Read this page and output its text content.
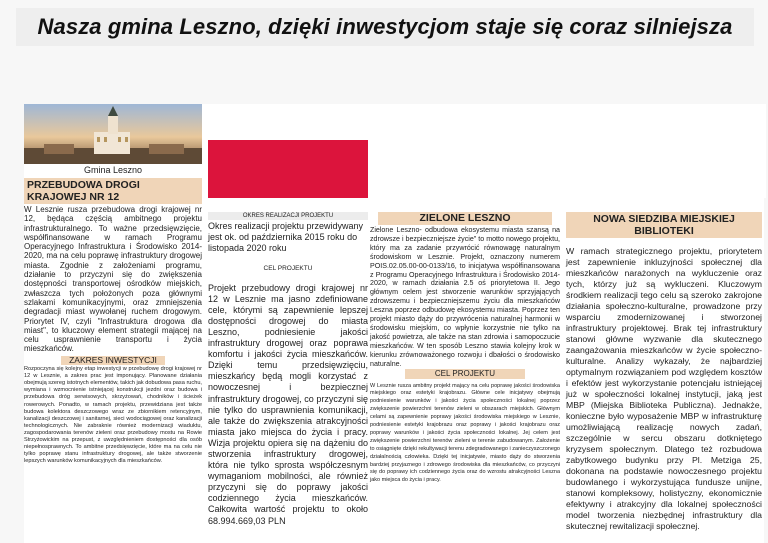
Nasza gmina Leszno, dzięki inwestycjom staje się coraz silniejsza
Gmina Leszno
PRZEBUDOWA DROGI KRAJOWEJ NR 12

W Lesznie rusza przebudowa drogi krajowej nr 12, będąca częścią ambitnego projektu infrastrukturalnego. To ważne przedsięwzięcie, współfinansowane w ramach Programu Operacyjnego Infrastruktura i Środowisko 2014-2020, ma na celu poprawę infrastruktury drogowej miasta. Zgodnie z założeniami programu, działanie to przyczyni się do zwiększenia dostępności transportowej ośrodków miejskich, zwłaszcza tych położonych poza głównymi szlakami komunikacyjnymi, oraz zmniejszenia degradacji miast wywołanej ruchem drogowym. Priorytet IV, czyli "Infrastruktura drogowa dla miast", to kluczowy element strategii mającej na celu usprawnienie transportu i życia mieszkańców.

ZAKRES INWESTYCJI

Rozpoczyna się kolejny etap inwestycji w przebudowę drogi krajowej nr 12 w Lesznie, a zakres prac jest imponujący. Planowane działania obejmują szereg istotnych elementów, takich jak dobudowa pasa ruchu, wymiana i wzmocnienie istniejącej konstrukcji jezdni oraz budowa i przebudowa dróg serwisowych, skrzyżowań, chodników i ścieżek rowerowych. Ponadto, w ramach projektu, przewidziana jest także budowa kolektora deszczowego wraz ze zbiornikiem retencyjnym, kanalizacji deszczowej i sanitarnej, sieci wodociągowej oraz kanalizacji technologicznych. Nie zabraknie również modernizacji wiaduktu, zagospodarowania terenów zieleni oraz przebudowy mostu na Rowie Strzyżowickim na przepust, z uwzględnieniem dostępności dla osób niepełnosprawnych. To ambitne przedsięwzięcie, które ma na celu nie tylko poprawę stanu infrastruktury drogowej, ale także stworzenie lepszych warunków komunikacyjnych dla mieszkańców.

OKRES REALIZACJI PROJEKTU

Okres realizacji projektu przewidywany jest ok. od października 2015 roku do listopada 2020 roku

CEL PROJEKTU

Projekt przebudowy drogi krajowej nr 12 w Lesznie ma jasno zdefiniowane cele, którymi są zapewnienie lepszej dostępności drogowej do miasta Leszno, podniesienie jakości infrastruktury drogowej oraz poprawa komfortu i jakości życia mieszkańców. Dzięki temu przedsięwzięciu, mieszkańcy będą mogli korzystać z nowoczesnej i bezpiecznej infrastruktury drogowej, co przyczyni się nie tylko do usprawnienia komunikacji, ale także do zwiększenia atrakcyjności miasta jako miejsca do życia i pracy. Wizja projektu opiera się na dążeniu do stworzenia infrastruktury drogowej, która nie tylko sprosta współczesnym wymaganiom mobilności, ale również przyczyni się do poprawy jakości codziennego życia mieszkańców. Całkowita wartość projektu to około 68.994.669,03 PLN

ZIELONE LESZNO

Zielone Leszno- odbudowa ekosystemu miasta szansą na zdrowsze i bezpieczniejsze życie" to motto nowego projektu, który ma za zadanie przywrócić równowagę naturalnym środowiskom w Lesznie. Projekt, oznaczony numerem POIS.02.05.00-00-0133/16, to inicjatywa współfinansowana z Programu Operacyjnego Infrastruktura i Środowisko 2014-2020, w ramach działania 2.5 oś priorytetowa II. Jego głównym celem jest stworzenie warunków sprzyjających zdrowszemu i bezpieczniejszemu życiu dla mieszkańców Leszna poprzez odbudowę ekosystemu miasta. Poprzez ten projekt miasto dąży do przywrócenia naturalnej harmonii w środowisku miejskim, co wpłynie korzystnie nie tylko na jakość powietrza, ale także na stan zdrowia i samopoczucie mieszkańców. W ten sposób Leszno stawia kolejny krok w kierunku zrównoważonego rozwoju i dbałości o środowisko naturalne.

CEL PROJEKTU

W Lesznie rusza ambitny projekt mający na celu poprawę jakości środowiska miejskiego oraz estetyki krajobrazu. Główne cele inicjatywy obejmują podniesienie warunków i jakości życia społeczności lokalnej poprzez zwiększenie powierzchni terenów zieleni w obszarach miejskich. Głównym celami są zapewnienie poprawy jakości środowiska miejskiego w Lesznie, podniesienie estetyki krajobrazu oraz poprawy i jakości krajobrazu oraz poprawy warunków i jakości życia społeczności lokalnej. Jej celem jest zwiększenie powierzchni terenów zieleni w terenie zabudowanym. Założenie to osiągnięte dzięki rekultywacji terenu zdegradowanego i zanieczyszczonego działalnością człowieka. Dzięki tej inicjatywie, miasto dąży do stworzenia bardziej przyjaznego i zdrowego środowiska dla mieszkańców, co przyczyni się do poprawy ich codziennego życia oraz do wzrostu atrakcyjności Leszna jako miejsca do życia i pracy.

NOWA SIEDZIBA MIEJSKIEJ BIBLIOTEKI

W ramach strategicznego projektu, priorytetem jest zapewnienie inkluzyjności społecznej dla mieszkańców narażonych na wykluczenie oraz tych, którzy już są wykluczeni. Kluczowym środkiem realizacji tego celu są szeroko zakrojone działania społeczno-kulturalne, prowadzone przy wsparciu zmodernizowanej i stworzonej infrastruktury projektowej. Brak tej infrastruktury stanowi główne wyzwanie dla skutecznego zaangażowania mieszkańców w życie społeczno-kulturalne. Analizy wykazały, że najbardziej optymalnym rozwiązaniem pod względem kosztów i efektów jest wykorzystanie potencjału istniejącej już w społeczności lokalnej instytucji, jaką jest MBP (Miejska Biblioteka Publiczna). Jednakże, konieczne było wyposażenie MBP w infrastrukturę umożliwiającą realizację nowych zadań, szczególnie w sercu obszaru dotkniętego kryzysem społecznym. Dlatego też rozbudowa zabytkowego budynku przy Pl. Metziga 25, dokonana na podstawie nowoczesnego projektu budowlanego i wykorzystująca fundusze unijne, stanowi kompleksowy, holistyczny, ekonomicznie efektywny i atrakcyjny dla lokalnej społeczności model tworzenia niezbędnej infrastruktury dla skutecznej rewitalizacji społecznej.
